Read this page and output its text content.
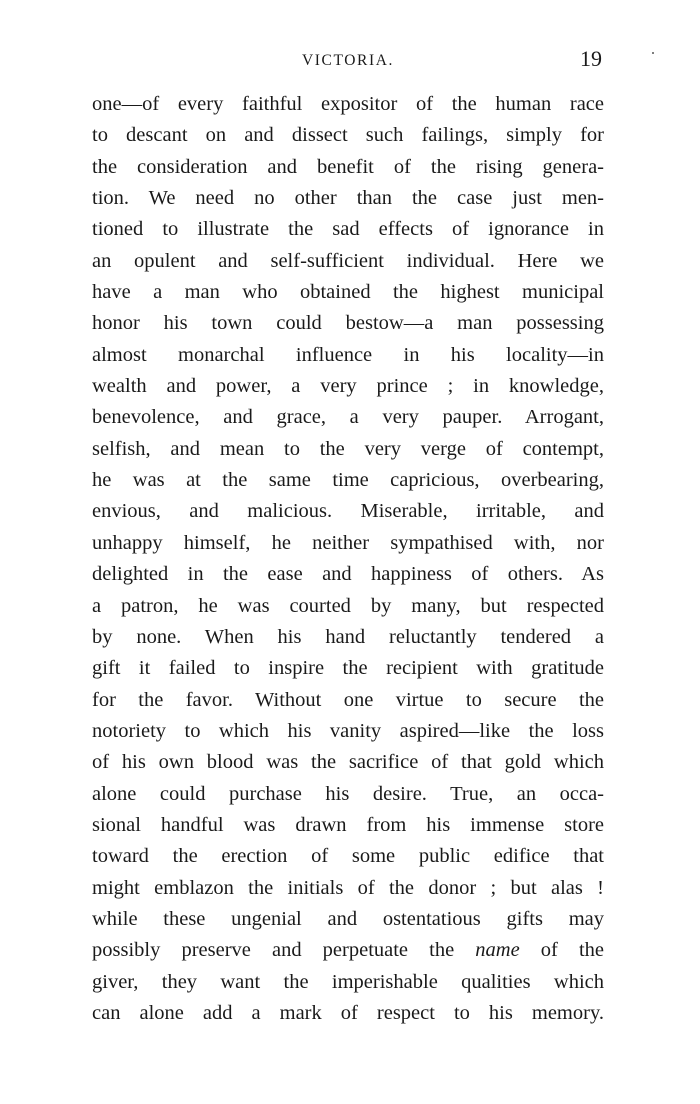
VICTORIA.	19
one—of every faithful expositor of the human race
to descant on and dissect such failings, simply for
the consideration and benefit of the rising genera-
tion. We need no other than the case just men-
tioned to illustrate the sad effects of ignorance in
an opulent and self-sufficient individual. Here we
have a man who obtained the highest municipal
honor his town could bestow—a man possessing
almost monarchal influence in his locality—in
wealth and power, a very prince ; in knowledge,
benevolence, and grace, a very pauper. Arrogant,
selfish, and mean to the very verge of contempt,
he was at the same time capricious, overbearing,
envious, and malicious. Miserable, irritable, and
unhappy himself, he neither sympathised with, nor
delighted in the ease and happiness of others. As
a patron, he was courted by many, but respected
by none. When his hand reluctantly tendered a
gift it failed to inspire the recipient with gratitude
for the favor. Without one virtue to secure the
notoriety to which his vanity aspired—like the loss
of his own blood was the sacrifice of that gold which
alone could purchase his desire. True, an occa-
sional handful was drawn from his immense store
toward the erection of some public edifice that
might emblazon the initials of the donor ; but alas !
while these ungenial and ostentatious gifts may
possibly preserve and perpetuate the name of the
giver, they want the imperishable qualities which
can alone add a mark of respect to his memory.
